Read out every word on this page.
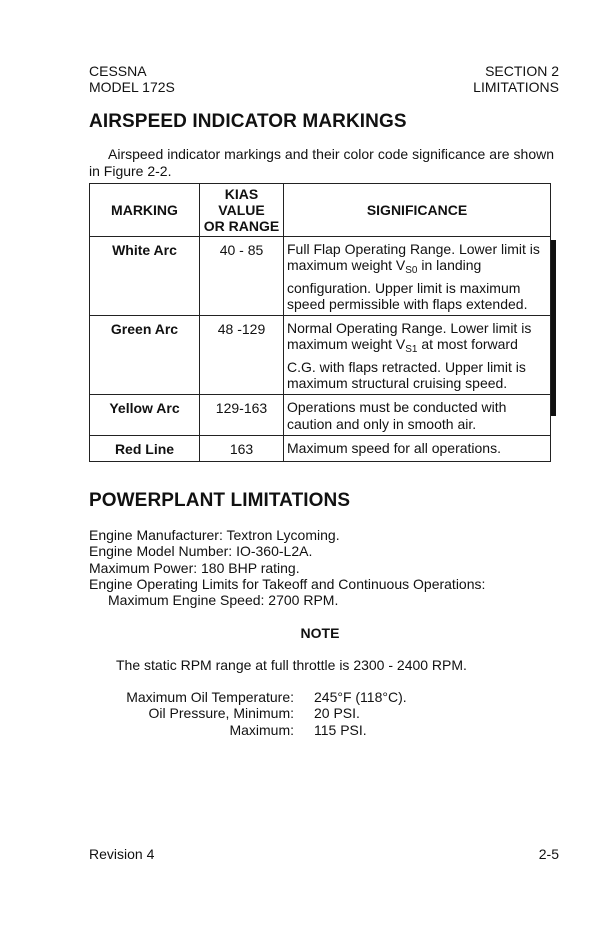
CESSNA
MODEL 172S
SECTION 2
LIMITATIONS
AIRSPEED INDICATOR MARKINGS
Airspeed indicator markings and their color code significance are shown in Figure 2-2.
MARKING	KIAS
VALUE
OR RANGE	SIGNIFICANCE
White Arc	40 - 85	Full Flap Operating Range. Lower limit is maximum weight $V_{S0}$ in landing configuration. Upper limit is maximum speed permissible with flaps extended.
Green Arc	48 -129	Normal Operating Range. Lower limit is maximum weight $V_{S1}$ at most forward C.G. with flaps retracted. Upper limit is maximum structural cruising speed.
Yellow Arc	129-163	Operations must be conducted with caution and only in smooth air.
Red Line	163	Maximum speed for all operations.
POWERPLANT LIMITATIONS
Engine Manufacturer: Textron Lycoming.
Engine Model Number: IO-360-L2A.
Maximum Power: 180 BHP rating.
Engine Operating Limits for Takeoff and Continuous Operations:
Maximum Engine Speed: 2700 RPM.
NOTE
The static RPM range at full throttle is 2300 - 2400 RPM.
Maximum Oil Temperature:	245°F (118°C).
Oil Pressure, Minimum:	20 PSI.
Maximum:	115 PSI.
Revision 4	2-5
